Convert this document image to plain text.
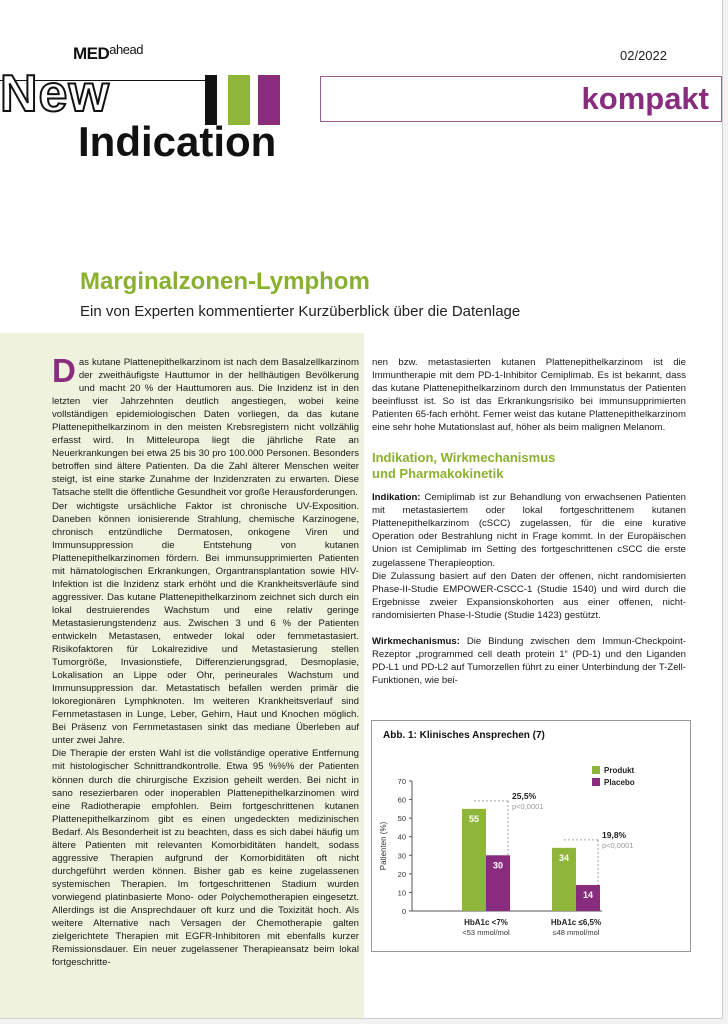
$MED^{ahead}$	02/2022
New
Indication
kompakt
Marginalzonen-Lymphom
Ein von Experten kommentierter Kurzüberblick über die Datenlage

Das kutane Plattenepithelkarzinom ist nach dem Basalzellkarzinom der zweithäufigste Hauttumor in der hellhäutigen Bevölkerung und macht 20 % der Hauttumoren aus. Die Inzidenz ist in den letzten vier Jahrzehnten deutlich angestiegen, wobei keine vollständigen epidemiologischen Daten vorliegen, da das kutane Plattenepithelkarzinom in den meisten Krebsregistern nicht vollzählig erfasst wird. In Mitteleuropa liegt die jährliche Rate an Neuerkrankungen bei etwa 25 bis 30 pro 100.000 Personen. Besonders betroffen sind ältere Patienten. Da die Zahl älterer Menschen weiter steigt, ist eine starke Zunahme der Inzidenzraten zu erwarten. Diese Tatsache stellt die öffentliche Gesundheit vor große Herausforderungen.

Der wichtigste ursächliche Faktor ist chronische UV-Exposition. Daneben können ionisierende Strahlung, chemische Karzinogene, chronisch entzündliche Dermatosen, onkogene Viren und Immunsuppression die Entstehung von kutanen Plattenepithelkarzinomen fördern. Bei immunsupprimierten Patienten mit hämatologischen Erkrankungen, Organtransplantation sowie HIV-Infektion ist die Inzidenz stark erhöht und die Krankheitsverläufe sind aggressiver. Das kutane Plattenepithelkarzinom zeichnet sich durch ein lokal destruierendes Wachstum und eine relativ geringe Metastasierungstendenz aus. Zwischen 3 und 6 % der Patienten entwickeln Metastasen, entweder lokal oder fernmetastasiert. Risikofaktoren für Lokalrezidive und Metastasierung stellen Tumorgröße, Invasionstiefe, Differenzierungsgrad, Desmoplasie, Lokalisation an Lippe oder Ohr, perineurales Wachstum und Immunsuppression dar. Metastatisch befallen werden primär die lokoregionären Lymphknoten. Im weiteren Krankheitsverlauf sind Fernmetastasen in Lunge, Leber, Gehirn, Haut und Knochen möglich. Bei Präsenz von Fernmetastasen sinkt das mediane Überleben auf unter zwei Jahre.

Die Therapie der ersten Wahl ist die vollständige operative Entfernung mit histologischer Schnittrandkontrolle. Etwa 95 %%% der Patienten können durch die chirurgische Exzision geheilt werden. Bei nicht in sano resezierbaren oder inoperablen Plattenepithelkarzinomen wird eine Radiotherapie empfohlen. Beim fortgeschrittenen kutanen Plattenepithelkarzinom gibt es einen ungedeckten medizinischen Bedarf. Als Besonderheit ist zu beachten, dass es sich dabei häufig um ältere Patienten mit relevanten Komorbiditäten handelt, sodass aggressive Therapien aufgrund der Komorbiditäten oft nicht durchgeführt werden können. Bisher gab es keine zugelassenen systemischen Therapien. Im fortgeschrittenen Stadium wurden vorwiegend platinbasierte Mono- oder Polychemotherapien eingesetzt. Allerdings ist die Ansprechdauer oft kurz und die Toxizität hoch. Als weitere Alternative nach Versagen der Chemotherapie galten zielgerichtete Therapien mit EGFR-Inhibitoren mit ebenfalls kurzer Remissionsdauer. Ein neuer zugelassener Therapieansatz beim lokal fortgeschritte-

nen bzw. metastasierten kutanen Plattenepithelkarzinom ist die Immuntherapie mit dem PD-1-Inhibitor Cemiplimab. Es ist bekannt, dass das kutane Plattenepithelkarzinom durch den Immunstatus der Patienten beeinflusst ist. So ist das Erkrankungsrisiko bei immunsupprimierten Patienten 65-fach erhöht. Ferner weist das kutane Plattenepithelkarzinom eine sehr hohe Mutationslast auf, höher als beim malignen Melanom.

Indikation, Wirkmechanismus
und Pharmakokinetik

Indikation: Cemiplimab ist zur Behandlung von erwachsenen Patienten mit metastasiertem oder lokal fortgeschrittenem kutanen Plattenepithelkarzinom (cSCC) zugelassen, für die eine kurative Operation oder Bestrahlung nicht in Frage kommt. In der Europäischen Union ist Cemiplimab im Setting des fortgeschrittenen cSCC die erste zugelassene Therapieoption.

Die Zulassung basiert auf den Daten der offenen, nicht randomisierten Phase-II-Studie EMPOWER-CSCC-1 (Studie 1540) und wird durch die Ergebnisse zweier Expansionskohorten aus einer offenen, nicht-randomisierten Phase-I-Studie (Studie 1423) gestützt.

Wirkmechanismus: Die Bindung zwischen dem Immun-Checkpoint-Rezeptor „programmed cell death protein 1“ (PD-1) und den Liganden PD-L1 und PD-L2 auf Tumorzellen führt zu einer Unterbindung der T-Zell-Funktionen, wie bei-

Abb. 1: Klinisches Ansprechen (7)
0
10
20
30
40
50
60
70
Patienten (%)
55
30
25,5%
p<0,0001
HbA1c <7%
<53 mmol/mol
34
14
19,8%
p<0,0001
HbA1c ≤6,5%
≤48 mmol/mol
Produkt
Placebo
